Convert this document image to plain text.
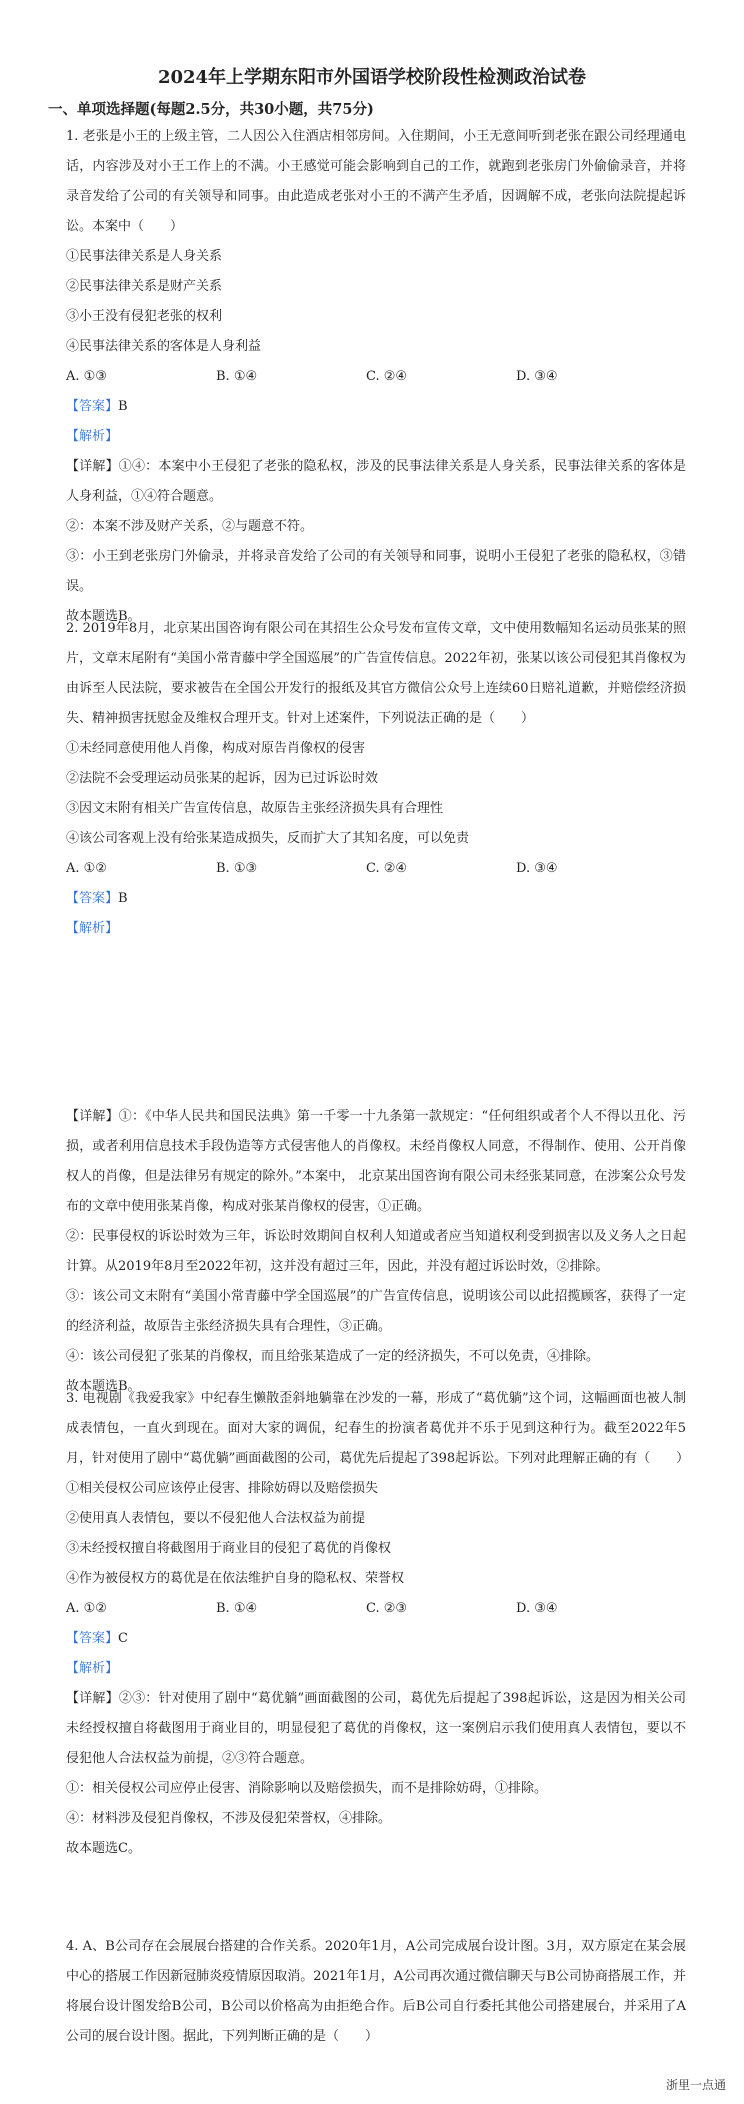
2024年上学期东阳市外国语学校阶段性检测政治试卷
一、单项选择题(每题2.5分，共30小题，共75分)

1. 老张是小王的上级主管，二人因公入住酒店相邻房间。入住期间，小王无意间听到老张在跟公司经理通电话，内容涉及对小王工作上的不满。小王感觉可能会影响到自己的工作，就跑到老张房门外偷偷录音，并将录音发给了公司的有关领导和同事。由此造成老张对小王的不满产生矛盾，因调解不成，老张向法院提起诉讼。本案中（　　）

①民事法律关系是人身关系

②民事法律关系是财产关系

③小王没有侵犯老张的权利

④民事法律关系的客体是人身利益

A. ①③	B. ①④	C. ②④	D. ③④
【答案】B
【解析】

【详解】①④：本案中小王侵犯了老张的隐私权，涉及的民事法律关系是人身关系，民事法律关系的客体是人身利益，①④符合题意。

②：本案不涉及财产关系，②与题意不符。

③：小王到老张房门外偷录，并将录音发给了公司的有关领导和同事，说明小王侵犯了老张的隐私权，③错误。

故本题选B。

2. 2019年8月，北京某出国咨询有限公司在其招生公众号发布宣传文章，文中使用数幅知名运动员张某的照片，文章末尾附有“美国小常青藤中学全国巡展”的广告宣传信息。2022年初，张某以该公司侵犯其肖像权为由诉至人民法院，要求被告在全国公开发行的报纸及其官方微信公众号上连续60日赔礼道歉，并赔偿经济损失、精神损害抚慰金及维权合理开支。针对上述案件，下列说法正确的是（　　）

①未经同意使用他人肖像，构成对原告肖像权的侵害

②法院不会受理运动员张某的起诉，因为已过诉讼时效

③因文末附有相关广告宣传信息，故原告主张经济损失具有合理性

④该公司客观上没有给张某造成损失，反而扩大了其知名度，可以免责

A. ①②	B. ①③	C. ②④	D. ③④
【答案】B
【解析】

【详解】①：《中华人民共和国民法典》第一千零一十九条第一款规定：“任何组织或者个人不得以丑化、污损，或者利用信息技术手段伪造等方式侵害他人的肖像权。未经肖像权人同意，不得制作、使用、公开肖像权人的肖像，但是法律另有规定的除外。”本案中， 北京某出国咨询有限公司未经张某同意，在涉案公众号发布的文章中使用张某肖像，构成对张某肖像权的侵害，①正确。

②：民事侵权的诉讼时效为三年，诉讼时效期间自权利人知道或者应当知道权利受到损害以及义务人之日起计算。从2019年8月至2022年初，这并没有超过三年，因此，并没有超过诉讼时效，②排除。

③：该公司文末附有“美国小常青藤中学全国巡展”的广告宣传信息，说明该公司以此招揽顾客，获得了一定的经济利益，故原告主张经济损失具有合理性，③正确。

④：该公司侵犯了张某的肖像权，而且给张某造成了一定的经济损失，不可以免责，④排除。

故本题选B。

3. 电视剧《我爱我家》中纪春生懒散歪斜地躺靠在沙发的一幕，形成了“葛优躺”这个词，这幅画面也被人制成表情包，一直火到现在。面对大家的调侃，纪春生的扮演者葛优并不乐于见到这种行为。截至2022年5月，针对使用了剧中“葛优躺”画面截图的公司，葛优先后提起了398起诉讼。下列对此理解正确的有（　　）

①相关侵权公司应该停止侵害、排除妨碍以及赔偿损失

②使用真人表情包，要以不侵犯他人合法权益为前提

③未经授权擅自将截图用于商业目的侵犯了葛优的肖像权

④作为被侵权方的葛优是在依法维护自身的隐私权、荣誉权

A. ①②	B. ①④	C. ②③	D. ③④
【答案】C
【解析】

【详解】②③：针对使用了剧中“葛优躺”画面截图的公司，葛优先后提起了398起诉讼，这是因为相关公司未经授权擅自将截图用于商业目的，明显侵犯了葛优的肖像权，这一案例启示我们使用真人表情包，要以不侵犯他人合法权益为前提，②③符合题意。

①：相关侵权公司应停止侵害、消除影响以及赔偿损失，而不是排除妨碍，①排除。

④：材料涉及侵犯肖像权，不涉及侵犯荣誉权，④排除。

故本题选C。

4. A、B公司存在会展展台搭建的合作关系。2020年1月，A公司完成展台设计图。3月，双方原定在某会展中心的搭展工作因新冠肺炎疫情原因取消。2021年1月，A公司再次通过微信聊天与B公司协商搭展工作，并将展台设计图发给B公司，B公司以价格高为由拒绝合作。后B公司自行委托其他公司搭建展台，并采用了A公司的展台设计图。据此，下列判断正确的是（　　）

浙里一点通
